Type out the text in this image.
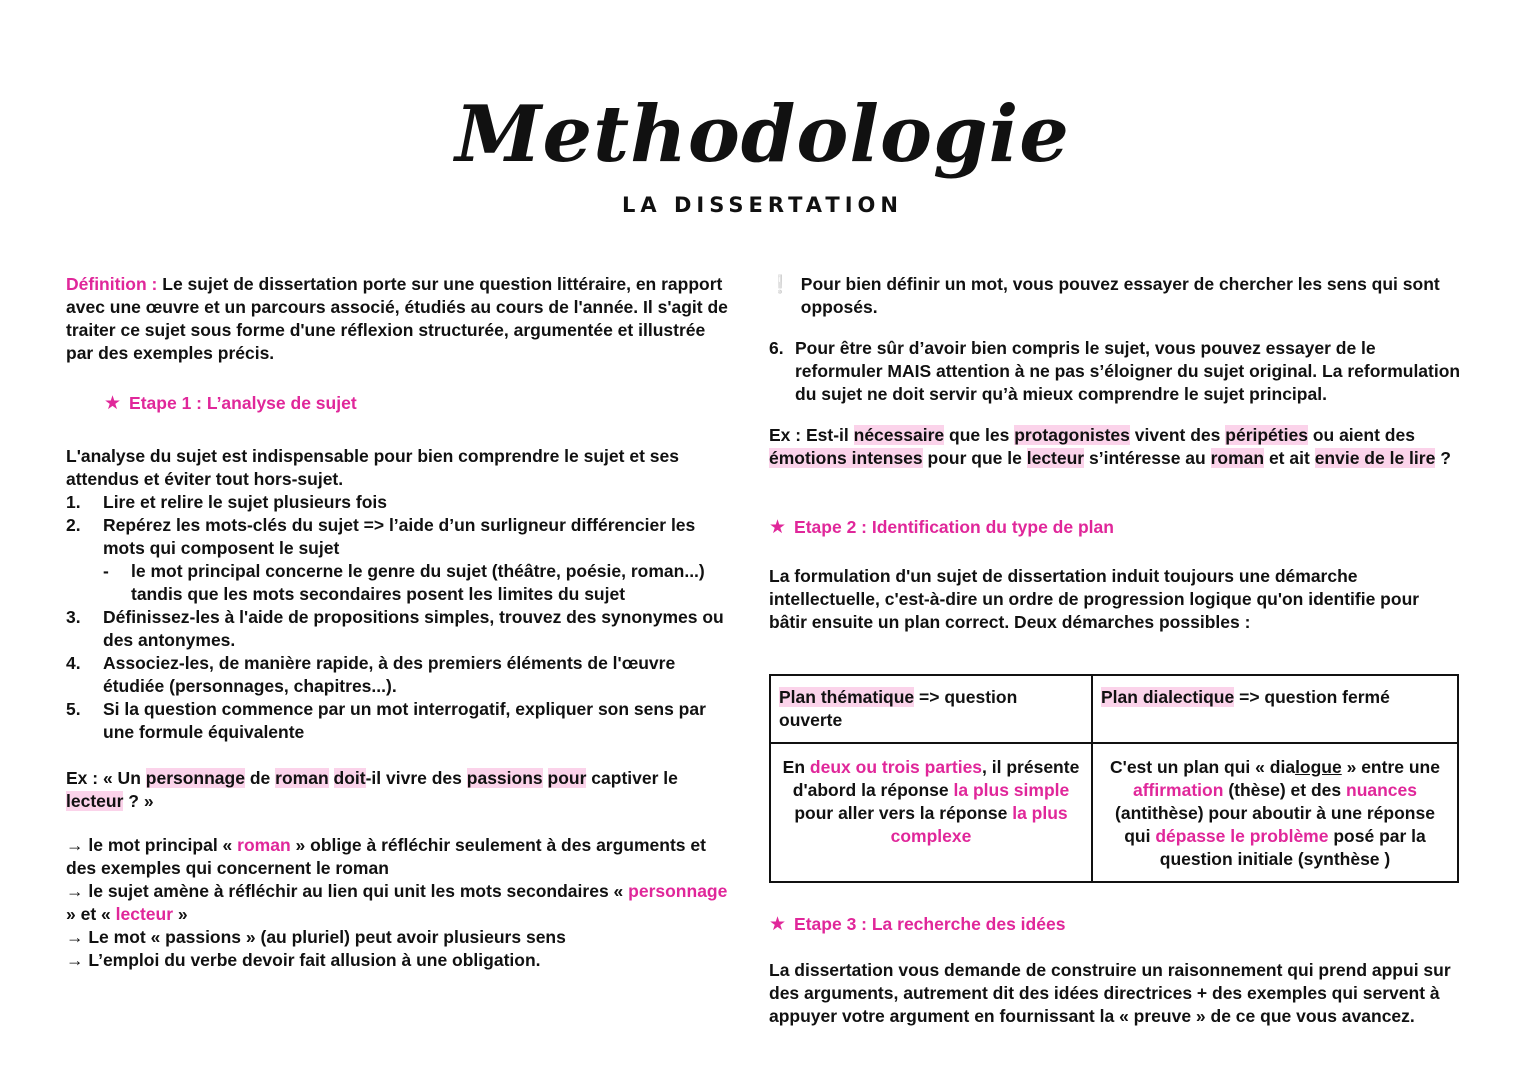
Methodologie
LA DISSERTATION

Définition : Le sujet de dissertation porte sur une question littéraire, en rapport avec une œuvre et un parcours associé, étudiés au cours de l'année. Il s'agit de traiter ce sujet sous forme d'une réflexion structurée, argumentée et illustrée par des exemples précis.

★ Etape 1 : L’analyse de sujet

L'analyse du sujet est indispensable pour bien comprendre le sujet et ses attendus et éviter tout hors-sujet.

1.	Lire et relire le sujet plusieurs fois
2.	Repérez les mots-clés du sujet => l’aide d’un surligneur différencier les mots qui composent le sujet
-	le mot principal concerne le genre du sujet (théâtre, poésie, roman...) tandis que les mots secondaires posent les limites du sujet
3.	Définissez-les à l'aide de propositions simples, trouvez des synonymes ou des antonymes.
4.	Associez-les, de manière rapide, à des premiers éléments de l'œuvre étudiée (personnages, chapitres...).
5.	Si la question commence par un mot interrogatif, expliquer son sens par une formule équivalente

Ex : « Un personnage de roman doit-il vivre des passions pour captiver le lecteur ? »

→ le mot principal « roman » oblige à réfléchir seulement à des arguments et des exemples qui concernent le roman
→ le sujet amène à réfléchir au lien qui unit les mots secondaires « personnage » et « lecteur »
→ Le mot « passions » (au pluriel) peut avoir plusieurs sens
→ L’emploi du verbe devoir fait allusion à une obligation.

❕ Pour bien définir un mot, vous pouvez essayer de chercher les sens qui sont opposés.

6. Pour être sûr d’avoir bien compris le sujet, vous pouvez essayer de le reformuler MAIS attention à ne pas s’éloigner du sujet original. La reformulation du sujet ne doit servir qu’à mieux comprendre le sujet principal.

Ex : Est-il nécessaire que les protagonistes vivent des péripéties ou aient des émotions intenses pour que le lecteur s’intéresse au roman et ait envie de le lire ?

★ Etape 2 : Identification du type de plan

La formulation d'un sujet de dissertation induit toujours une démarche intellectuelle, c'est-à-dire un ordre de progression logique qu'on identifie pour bâtir ensuite un plan correct. Deux démarches possibles :

Plan thématique => question ouverte	Plan dialectique => question fermé
En deux ou trois parties, il présente d'abord la réponse la plus simple pour aller vers la réponse la plus complexe	C'est un plan qui « dialogue » entre une affirmation (thèse) et des nuances (antithèse) pour aboutir à une réponse qui dépasse le problème posé par la question initiale (synthèse )
★ Etape 3 : La recherche des idées

La dissertation vous demande de construire un raisonnement qui prend appui sur des arguments, autrement dit des idées directrices + des exemples qui servent à appuyer votre argument en fournissant la « preuve » de ce que vous avancez.
